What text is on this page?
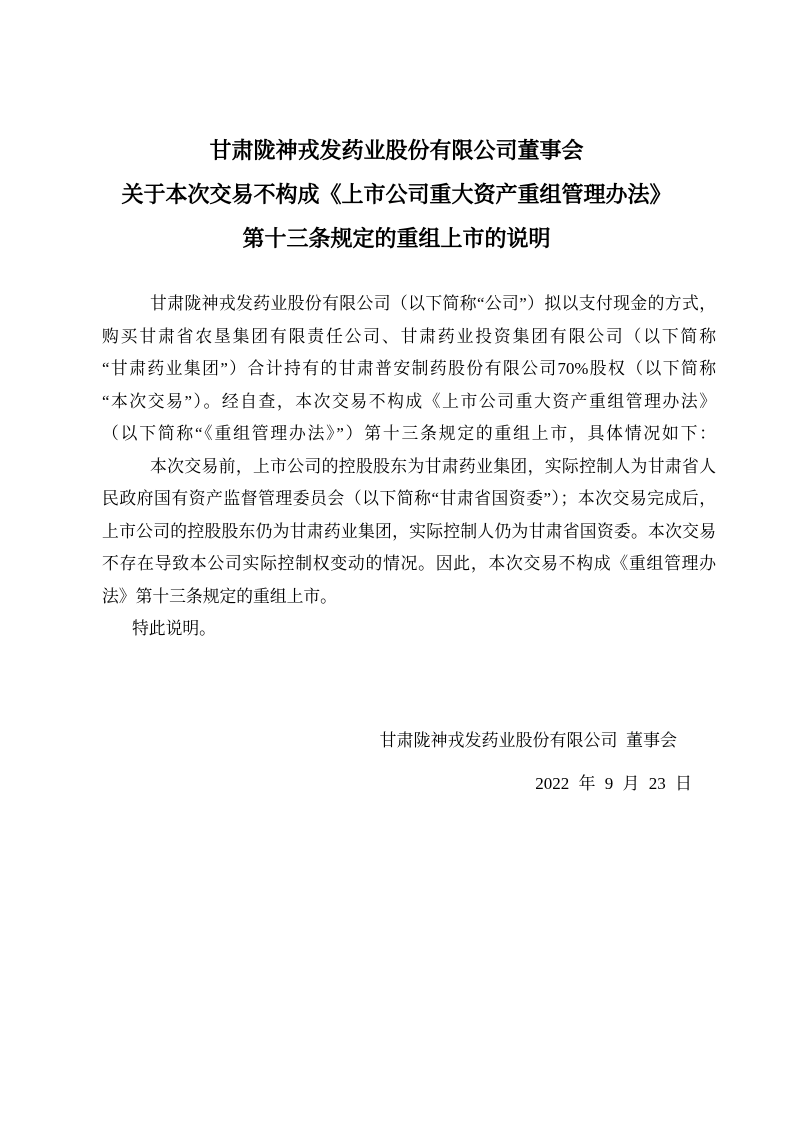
甘肃陇神戎发药业股份有限公司董事会
关于本次交易不构成《上市公司重大资产重组管理办法》
第十三条规定的重组上市的说明
甘肃陇神戎发药业股份有限公司（以下简称“公司”）拟以支付现金的方式，
购买甘肃省农垦集团有限责任公司、甘肃药业投资集团有限公司（以下简称
“甘肃药业集团”）合计持有的甘肃普安制药股份有限公司70%股权（以下简称
“本次交易”）。经自查，本次交易不构成《上市公司重大资产重组管理办法》
（以下简称“《重组管理办法》”）第十三条规定的重组上市，具体情况如下：
本次交易前，上市公司的控股股东为甘肃药业集团，实际控制人为甘肃省人
民政府国有资产监督管理委员会（以下简称“甘肃省国资委”）；本次交易完成后，
上市公司的控股股东仍为甘肃药业集团，实际控制人仍为甘肃省国资委。本次交易
不存在导致本公司实际控制权变动的情况。因此，本次交易不构成《重组管理办
法》第十三条规定的重组上市。
特此说明。
甘肃陇神戎发药业股份有限公司  董事会
2022 年 9 月 23 日
